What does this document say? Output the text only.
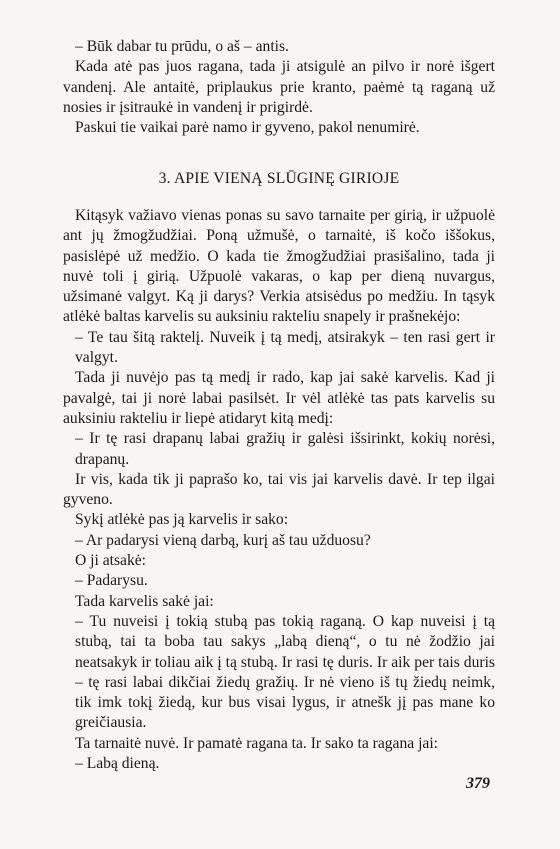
– Būk dabar tu prūdu, o aš – antis.

Kada atė pas juos ragana, tada ji atsigulė an pilvo ir norė išgert vandenį. Ale antaitė, priplaukus prie kranto, paėmė tą raganą už nosies ir įsitraukė in vandenį ir prigirdė.

Paskui tie vaikai parė namo ir gyveno, pakol nenumirė.

3. APIE VIENĄ SLŪGINĘ GIRIOJE

Kitąsyk važiavo vienas ponas su savo tarnaite per girią, ir užpuolė ant jų žmogžudžiai. Poną užmušė, o tarnaitė, iš kočo iššokus, pasislėpė už medžio. O kada tie žmogžudžiai prasišalino, tada ji nuvė toli į girią. Užpuolė vakaras, o kap per dieną nuvargus, užsimanė valgyt. Ką ji darys? Verkia atsisėdus po medžiu. In tąsyk atlėkė baltas karvelis su auksiniu rakteliu snapely ir prašnekėjo:

– Te tau šitą raktelį. Nuveik į tą medį, atsirakyk – ten rasi gert ir valgyt.

Tada ji nuvėjo pas tą medį ir rado, kap jai sakė karvelis. Kad ji pavalgė, tai ji norė labai pasilsėt. Ir vėl atlėkė tas pats karvelis su auksiniu rakteliu ir liepė atidaryt kitą medį:

– Ir tę rasi drapanų labai gražių ir galėsi išsirinkt, kokių norėsi, drapanų.

Ir vis, kada tik ji paprašo ko, tai vis jai karvelis davė. Ir tep ilgai gyveno.

Sykį atlėkė pas ją karvelis ir sako:

– Ar padarysi vieną darbą, kurį aš tau užduosu?

O ji atsakė:

– Padarysu.

Tada karvelis sakė jai:

– Tu nuveisi į tokią stubą pas tokią raganą. O kap nuveisi į tą stubą, tai ta boba tau sakys „labą dieną“, o tu nė žodžio jai neatsakyk ir toliau aik į tą stubą. Ir rasi tę duris. Ir aik per tais duris – tę rasi labai dikčiai žiedų gražių. Ir nė vieno iš tų žiedų neimk, tik imk tokį žiedą, kur bus visai lygus, ir atnešk jį pas mane ko greičiausia.

Ta tarnaitė nuvė. Ir pamatė ragana ta. Ir sako ta ragana jai:

– Labą dieną.

379
